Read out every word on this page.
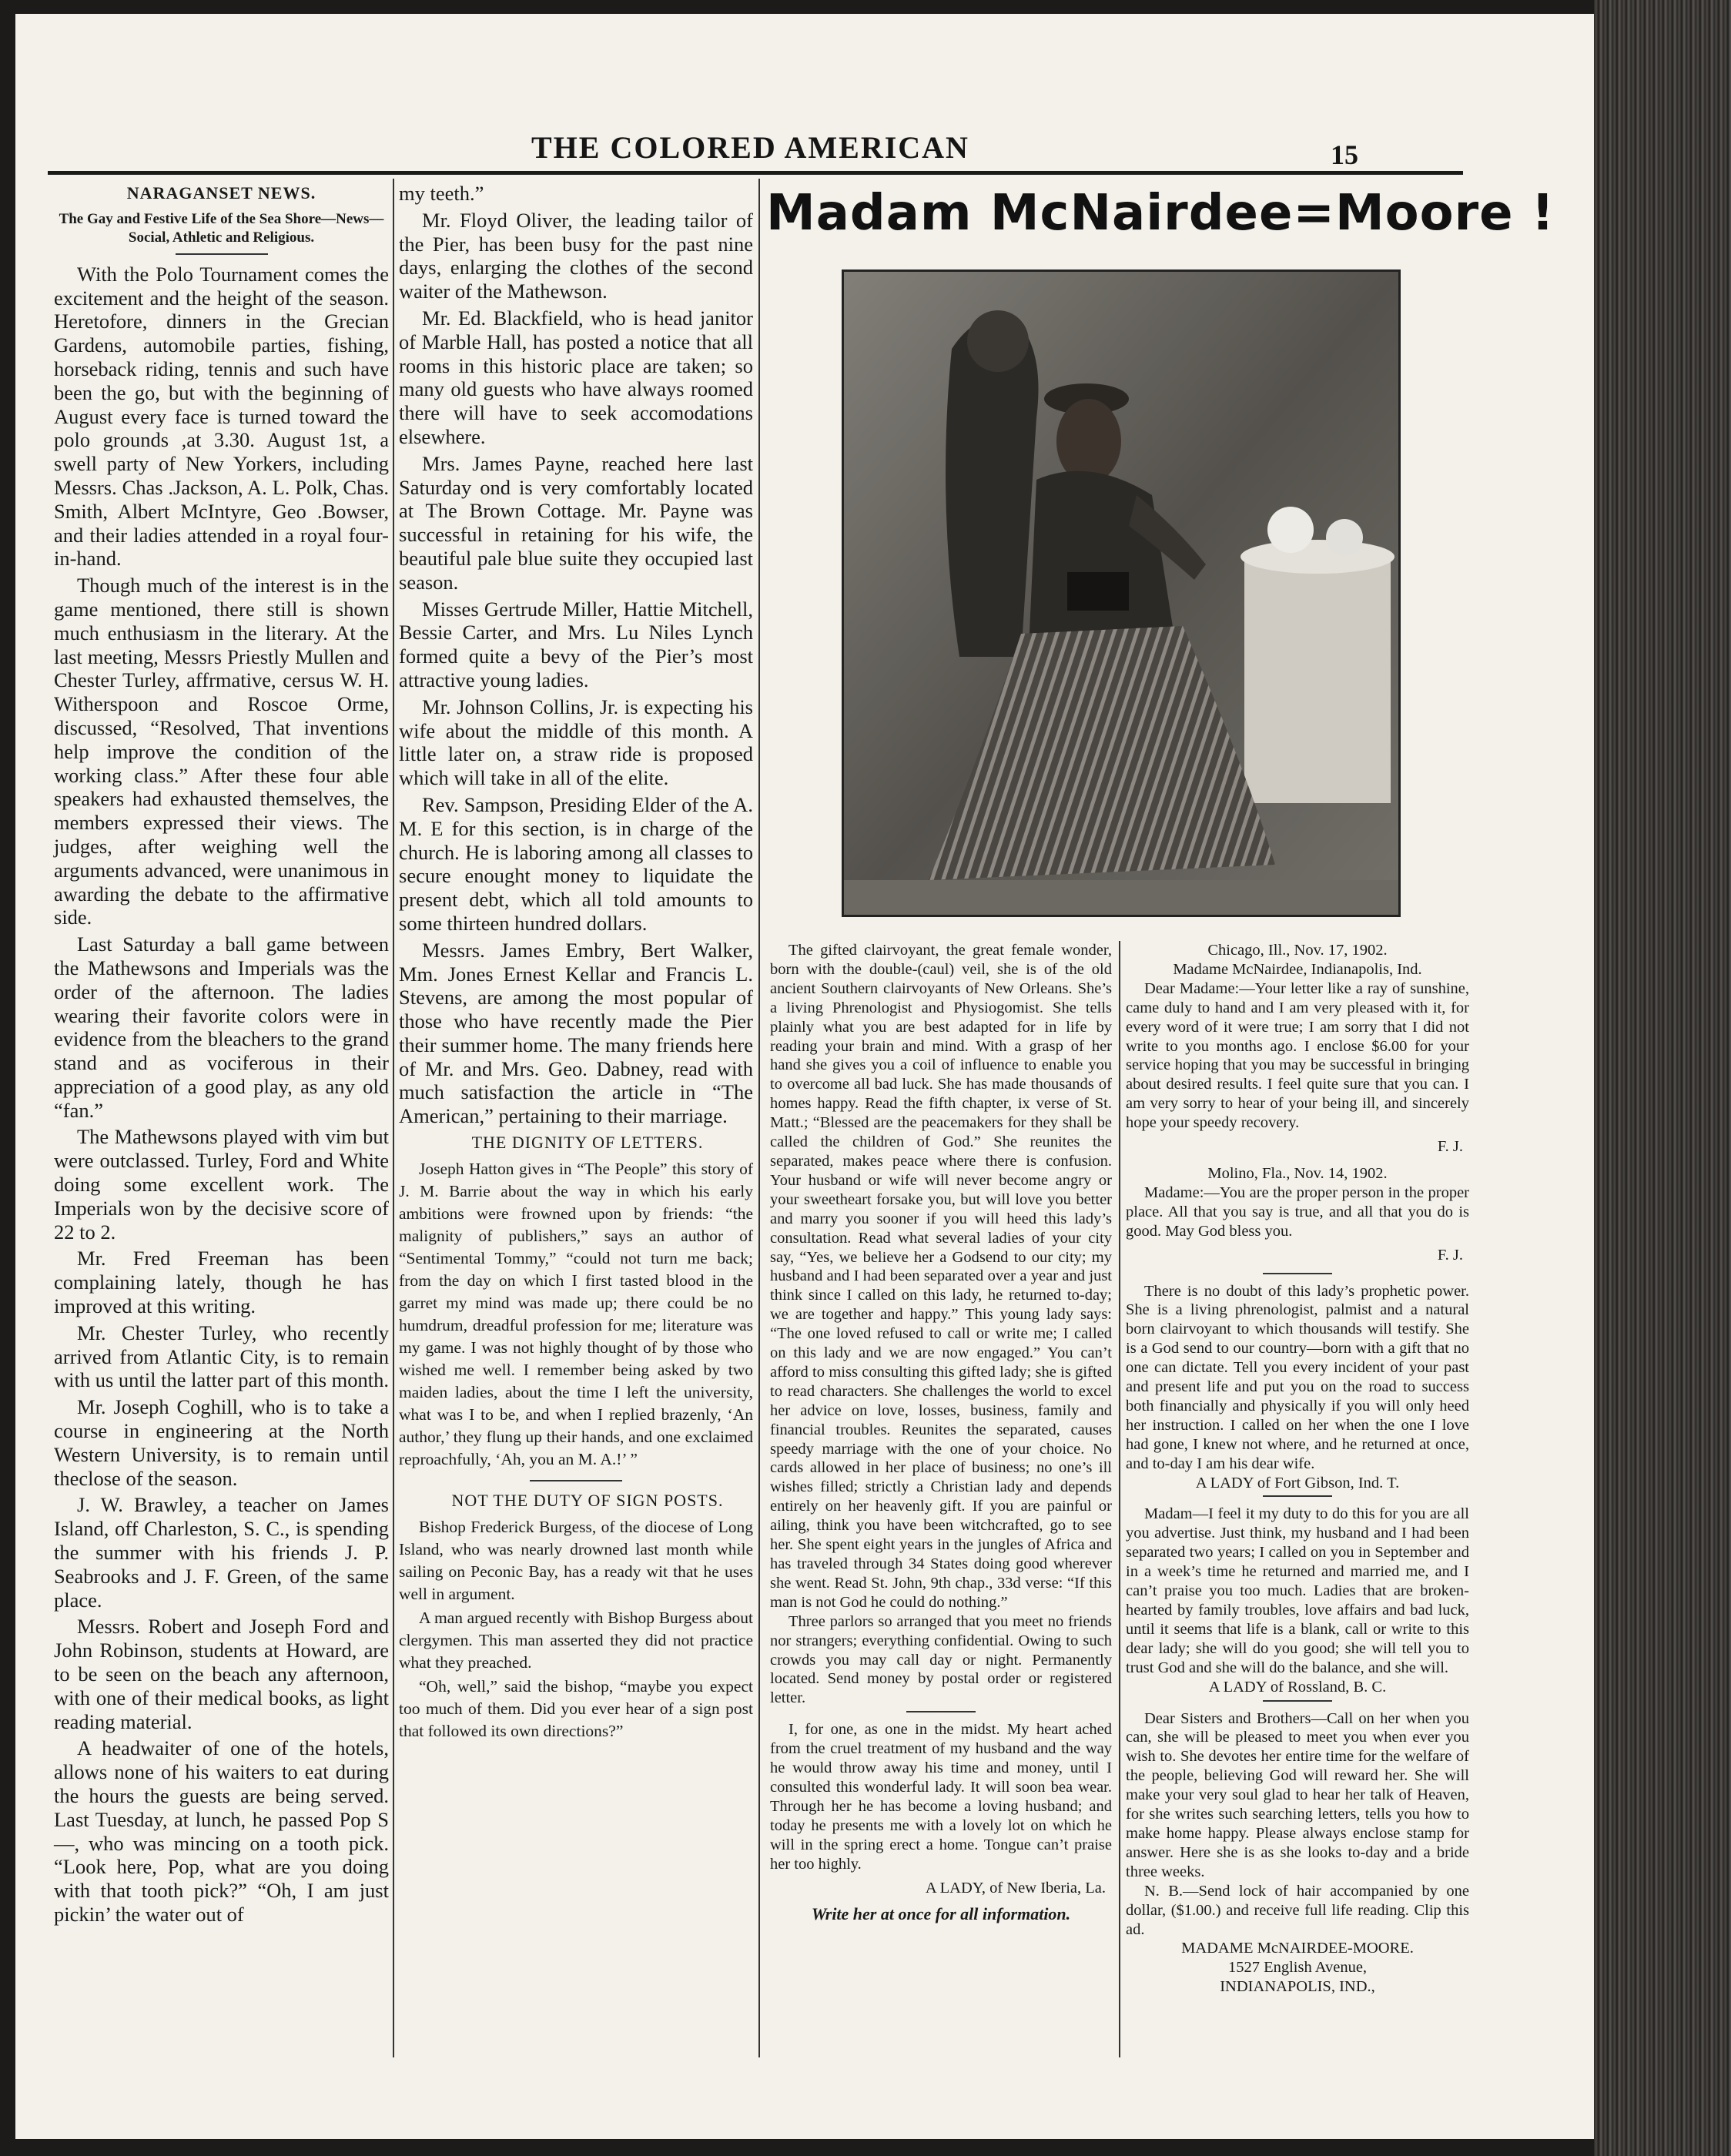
THE COLORED AMERICAN	15
NARAGANSET NEWS.

The Gay and Festive Life of the Sea Shore—News—Social, Athletic and Religious.

With the Polo Tournament comes the excitement and the height of the season. Heretofore, dinners in the Grecian Gardens, automobile parties, fishing, horseback riding, tennis and such have been the go, but with the beginning of August every face is turned toward the polo grounds ,at 3.30. August 1st, a swell party of New Yorkers, including Messrs. Chas .Jackson, A. L. Polk, Chas. Smith, Albert McIntyre, Geo .Bowser, and their ladies attended in a royal four-in-hand.

Though much of the interest is in the game mentioned, there still is shown much enthusiasm in the literary. At the last meeting, Messrs Priestly Mullen and Chester Turley, affrmative, cersus W. H. Witherspoon and Roscoe Orme, discussed, “Resolved, That inventions help improve the condition of the working class.” After these four able speakers had exhausted themselves, the members expressed their views. The judges, after weighing well the arguments advanced, were unanimous in awarding the debate to the affirmative side.

Last Saturday a ball game between the Mathewsons and Imperials was the order of the afternoon. The ladies wearing their favorite colors were in evidence from the bleachers to the grand stand and as vociferous in their appreciation of a good play, as any old “fan.”

The Mathewsons played with vim but were outclassed. Turley, Ford and White doing some excellent work. The Imperials won by the decisive score of 22 to 2.

Mr. Fred Freeman has been complaining lately, though he has improved at this writing.

Mr. Chester Turley, who recently arrived from Atlantic City, is to remain with us until the latter part of this month.

Mr. Joseph Coghill, who is to take a course in engineering at the North Western University, is to remain until theclose of the season.

J. W. Brawley, a teacher on James Island, off Charleston, S. C., is spending the summer with his friends J. P. Seabrooks and J. F. Green, of the same place.

Messrs. Robert and Joseph Ford and John Robinson, students at Howard, are to be seen on the beach any afternoon, with one of their medical books, as light reading material.

A headwaiter of one of the hotels, allows none of his waiters to eat during the hours the guests are being served. Last Tuesday, at lunch, he passed Pop S—, who was mincing on a tooth pick. “Look here, Pop, what are you doing with that tooth pick?” “Oh, I am just pickin’ the water out of

my teeth.”

Mr. Floyd Oliver, the leading tailor of the Pier, has been busy for the past nine days, enlarging the clothes of the second waiter of the Mathewson.

Mr. Ed. Blackfield, who is head janitor of Marble Hall, has posted a notice that all rooms in this historic place are taken; so many old guests who have always roomed there will have to seek accomodations elsewhere.

Mrs. James Payne, reached here last Saturday ond is very comfortably located at The Brown Cottage. Mr. Payne was successful in retaining for his wife, the beautiful pale blue suite they occupied last season.

Misses Gertrude Miller, Hattie Mitchell, Bessie Carter, and Mrs. Lu Niles Lynch formed quite a bevy of the Pier’s most attractive young ladies.

Mr. Johnson Collins, Jr. is expecting his wife about the middle of this month. A little later on, a straw ride is proposed which will take in all of the elite.

Rev. Sampson, Presiding Elder of the A. M. E for this section, is in charge of the church. He is laboring among all classes to secure enought money to liquidate the present debt, which all told amounts to some thirteen hundred dollars.

Messrs. James Embry, Bert Walker, Mm. Jones Ernest Kellar and Francis L. Stevens, are among the most popular of those who have recently made the Pier their summer home. The many friends here of Mr. and Mrs. Geo. Dabney, read with much satisfaction the article in “The American,” pertaining to their marriage.

THE DIGNITY OF LETTERS.

Joseph Hatton gives in “The People” this story of J. M. Barrie about the way in which his early ambitions were frowned upon by friends: “the malignity of publishers,” says an author of “Sentimental Tommy,” “could not turn me back; from the day on which I first tasted blood in the garret my mind was made up; there could be no humdrum, dreadful profession for me; literature was my game. I was not highly thought of by those who wished me well. I remember being asked by two maiden ladies, about the time I left the university, what was I to be, and when I replied brazenly, ‘An author,’ they flung up their hands, and one exclaimed reproachfully, ‘Ah, you an M. A.!’ ”

NOT THE DUTY OF SIGN POSTS.

Bishop Frederick Burgess, of the diocese of Long Island, who was nearly drowned last month while sailing on Peconic Bay, has a ready wit that he uses well in argument.

A man argued recently with Bishop Burgess about clergymen. This man asserted they did not practice what they preached.

“Oh, well,” said the bishop, “maybe you expect too much of them. Did you ever hear of a sign post that followed its own directions?”

Madam McNairdee=Moore !

The gifted clairvoyant, the great female wonder, born with the double-(caul) veil, she is of the old ancient Southern clairvoyants of New Orleans. She’s a living Phrenologist and Physiogomist. She tells plainly what you are best adapted for in life by reading your brain and mind. With a grasp of her hand she gives you a coil of influence to enable you to overcome all bad luck. She has made thousands of homes happy. Read the fifth chapter, ix verse of St. Matt.; “Blessed are the peacemakers for they shall be called the children of God.” She reunites the separated, makes peace where there is confusion. Your husband or wife will never become angry or your sweetheart forsake you, but will love you better and marry you sooner if you will heed this lady’s consultation. Read what several ladies of your city say, “Yes, we believe her a Godsend to our city; my husband and I had been separated over a year and just think since I called on this lady, he returned to-day; we are together and happy.” This young lady says: “The one loved refused to call or write me; I called on this lady and we are now engaged.” You can’t afford to miss consulting this gifted lady; she is gifted to read characters. She challenges the world to excel her advice on love, losses, business, family and financial troubles. Reunites the separated, causes speedy marriage with the one of your choice. No cards allowed in her place of business; no one’s ill wishes filled; strictly a Christian lady and depends entirely on her heavenly gift. If you are painful or ailing, think you have been witchcrafted, go to see her. She spent eight years in the jungles of Africa and has traveled through 34 States doing good wherever she went. Read St. John, 9th chap., 33d verse: “If this man is not God he could do nothing.”

Three parlors so arranged that you meet no friends nor strangers; everything confidential. Owing to such crowds you may call day or night. Permanently located. Send money by postal order or registered letter.

I, for one, as one in the midst. My heart ached from the cruel treatment of my husband and the way he would throw away his time and money, until I consulted this wonderful lady. It will soon bea wear. Through her he has become a loving husband; and today he presents me with a lovely lot on which he will in the spring erect a home. Tongue can’t praise her too highly.

A LADY, of New Iberia, La.

Write her at once for all information.

Chicago, Ill., Nov. 17, 1902.

Madame McNairdee, Indianapolis, Ind.

Dear Madame:—Your letter like a ray of sunshine, came duly to hand and I am very pleased with it, for every word of it were true; I am sorry that I did not write to you months ago. I enclose $6.00 for your service hoping that you may be successful in bringing about desired results. I feel quite sure that you can. I am very sorry to hear of your being ill, and sincerely hope your speedy recovery.

F. J.

Molino, Fla., Nov. 14, 1902.

Madame:—You are the proper person in the proper place. All that you say is true, and all that you do is good. May God bless you.

F. J.

There is no doubt of this lady’s prophetic power. She is a living phrenologist, palmist and a natural born clairvoyant to which thousands will testify. She is a God send to our country—born with a gift that no one can dictate. Tell you every incident of your past and present life and put you on the road to success both financially and physically if you will only heed her instruction. I called on her when the one I love had gone, I knew not where, and he returned at once, and to-day I am his dear wife.

A LADY of Fort Gibson, Ind. T.

Madam—I feel it my duty to do this for you are all you advertise. Just think, my husband and I had been separated two years; I called on you in September and in a week’s time he returned and married me, and I can’t praise you too much. Ladies that are broken-hearted by family troubles, love affairs and bad luck, until it seems that life is a blank, call or write to this dear lady; she will do you good; she will tell you to trust God and she will do the balance, and she will.

A LADY of Rossland, B. C.

Dear Sisters and Brothers—Call on her when you can, she will be pleased to meet you when ever you wish to. She devotes her entire time for the welfare of the people, believing God will reward her. She will make your very soul glad to hear her talk of Heaven, for she writes such searching letters, tells you how to make home happy. Please always enclose stamp for answer. Here she is as she looks to-day and a bride three weeks.

N. B.—Send lock of hair accompanied by one dollar, ($1.00.) and receive full life reading. Clip this ad.

MADAME McNAIRDEE-MOORE.

1527 English Avenue,

INDIANAPOLIS, IND.,
